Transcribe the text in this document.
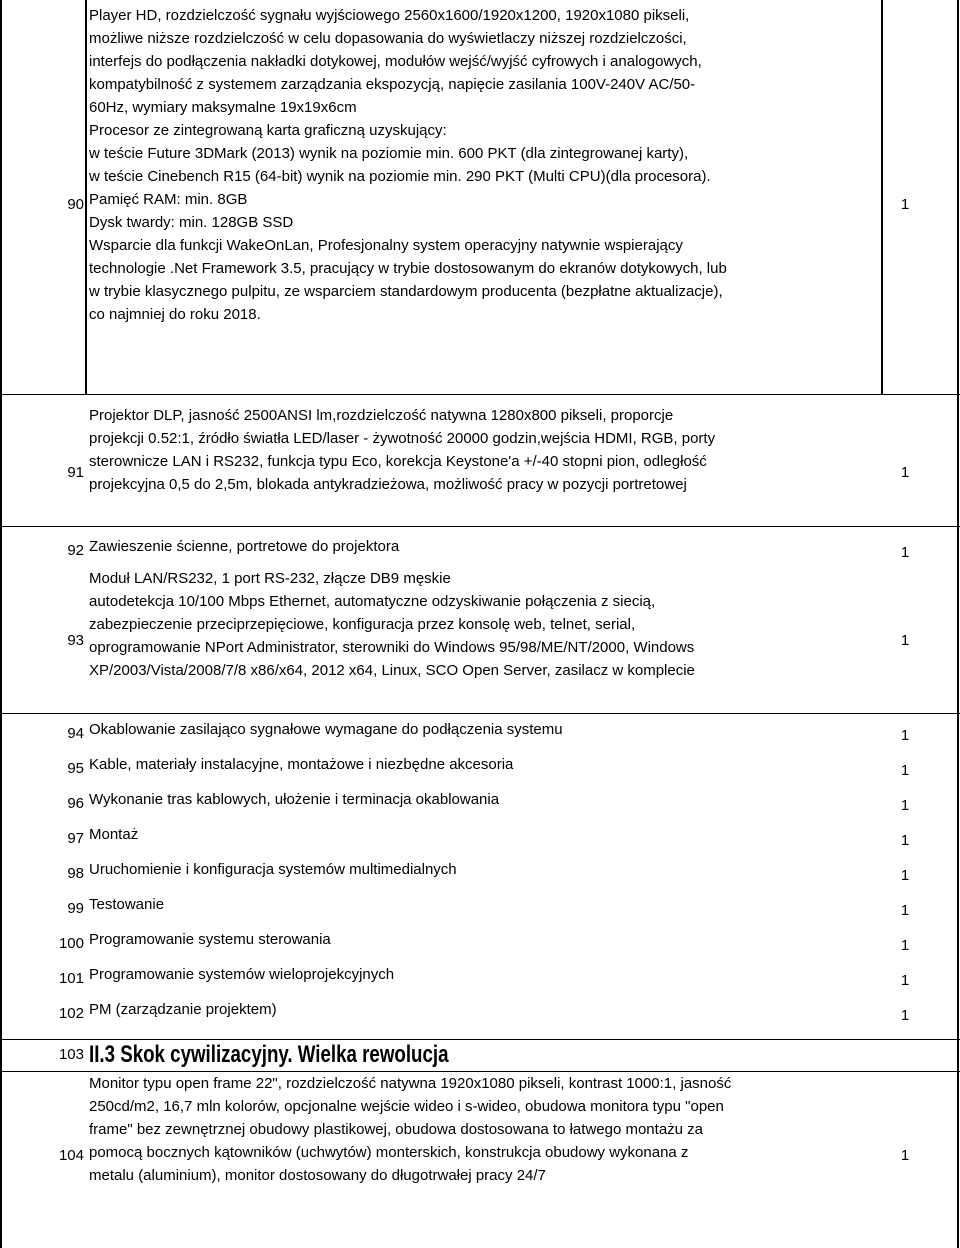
90
Player HD, rozdzielczość sygnału wyjściowego 2560x1600/1920x1200, 1920x1080 pikseli,
możliwe niższe rozdzielczość w celu dopasowania do wyświetlaczy niższej rozdzielczości,
interfejs do podłączenia nakładki dotykowej, modułów wejść/wyjść cyfrowych i analogowych,
kompatybilność z systemem zarządzania ekspozycją, napięcie zasilania 100V-240V AC/50-
60Hz, wymiary maksymalne 19x19x6cm
Procesor ze zintegrowaną karta graficzną uzyskujący:
w teście Future 3DMark (2013) wynik na poziomie min. 600 PKT (dla zintegrowanej karty),
w teście Cinebench R15 (64-bit) wynik na poziomie min. 290 PKT (Multi CPU)(dla procesora).
Pamięć RAM: min. 8GB
Dysk twardy: min. 128GB SSD
Wsparcie dla funkcji WakeOnLan, Profesjonalny system operacyjny natywnie wspierający
technologie .Net Framework 3.5, pracujący w trybie dostosowanym do ekranów dotykowych, lub
w trybie klasycznego pulpitu, ze wsparciem standardowym producenta (bezpłatne aktualizacje),
co najmniej do roku 2018.
1
91
Projektor DLP, jasność 2500ANSI lm,rozdzielczość natywna 1280x800 pikseli, proporcje
projekcji 0.52:1, źródło światła LED/laser - żywotność 20000 godzin,wejścia HDMI, RGB, porty
sterownicze LAN i RS232, funkcja typu Eco, korekcja Keystone'a +/-40 stopni pion, odległość
projekcyjna 0,5 do 2,5m, blokada antykradzieżowa, możliwość pracy w pozycji portretowej
1
92 Zawieszenie ścienne, portretowe do projektora	1
93
Moduł LAN/RS232, 1 port RS-232, złącze DB9 męskie
autodetekcja 10/100 Mbps Ethernet, automatyczne odzyskiwanie połączenia z siecią,
zabezpieczenie przeciprzepięciowe, konfiguracja przez konsolę web, telnet, serial,
oprogramowanie NPort Administrator, sterowniki do Windows 95/98/ME/NT/2000, Windows
XP/2003/Vista/2008/7/8 x86/x64, 2012 x64, Linux, SCO Open Server, zasilacz w komplecie
1
94 Okablowanie zasilająco sygnałowe wymagane do podłączenia systemu	1
95 Kable, materiały instalacyjne, montażowe i niezbędne akcesoria	1
96 Wykonanie tras kablowych, ułożenie i terminacja okablowania	1
97 Montaż	1
98 Uruchomienie i konfiguracja systemów multimedialnych	1
99 Testowanie	1
100 Programowanie systemu sterowania	1
101 Programowanie systemów wieloprojekcyjnych	1
102 PM (zarządzanie projektem)	1
103 II.3 Skok cywilizacyjny. Wielka rewolucja
104
Monitor typu open frame 22", rozdzielczość natywna 1920x1080 pikseli, kontrast 1000:1, jasność
250cd/m2, 16,7 mln kolorów, opcjonalne wejście wideo i s-wideo, obudowa monitora typu "open
frame" bez zewnętrznej obudowy plastikowej, obudowa dostosowana to łatwego montażu za
pomocą bocznych kątowników (uchwytów) monterskich, konstrukcja obudowy wykonana z
metalu (aluminium), monitor dostosowany do długotrwałej pracy 24/7
1
